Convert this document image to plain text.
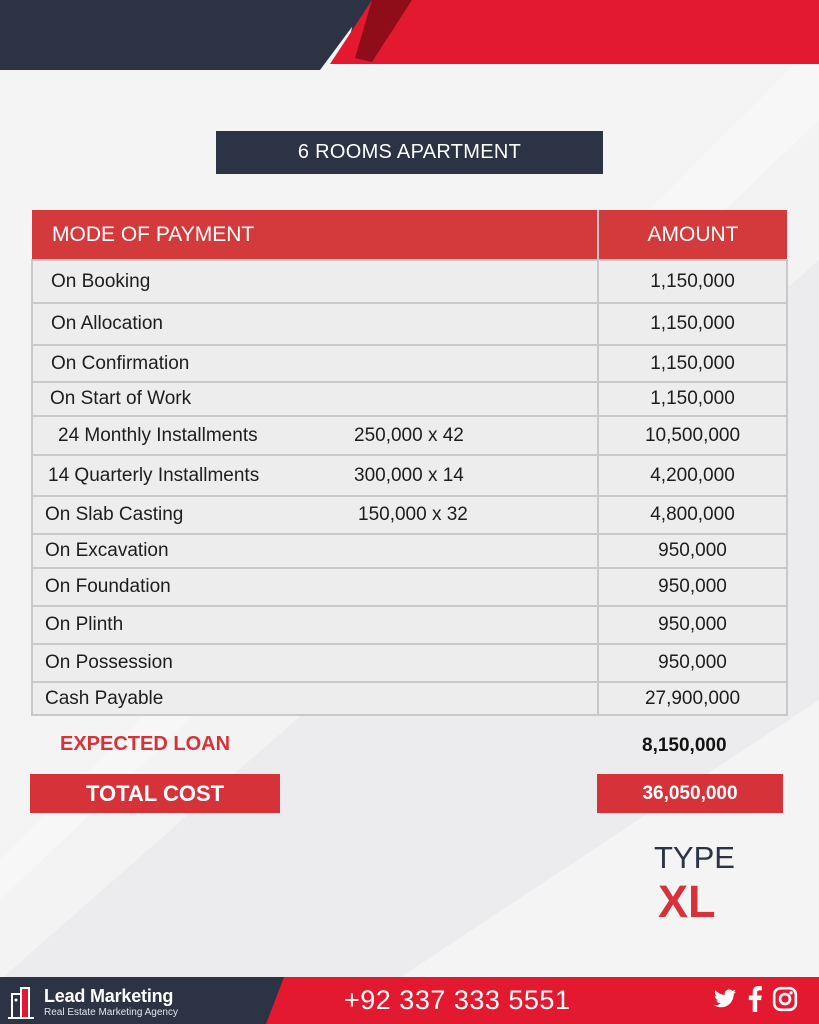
6 ROOMS APARTMENT
MODE OF PAYMENT	AMOUNT
On Booking	1,150,000
On Allocation	1,150,000
On Confirmation	1,150,000
On Start of Work	1,150,000
24 Monthly Installments 250,000 x 42	10,500,000
14 Quarterly Installments 300,000 x 14	4,200,000
On Slab Casting 150,000 x 32	4,800,000
On Excavation	950,000
On Foundation	950,000
On Plinth	950,000
On Possession	950,000
Cash Payable	27,900,000
EXPECTED LOAN	8,150,000
TOTAL COST	36,050,000
TYPE
XL
Lead Marketing
Real Estate Marketing Agency	+92 337 333 5551
